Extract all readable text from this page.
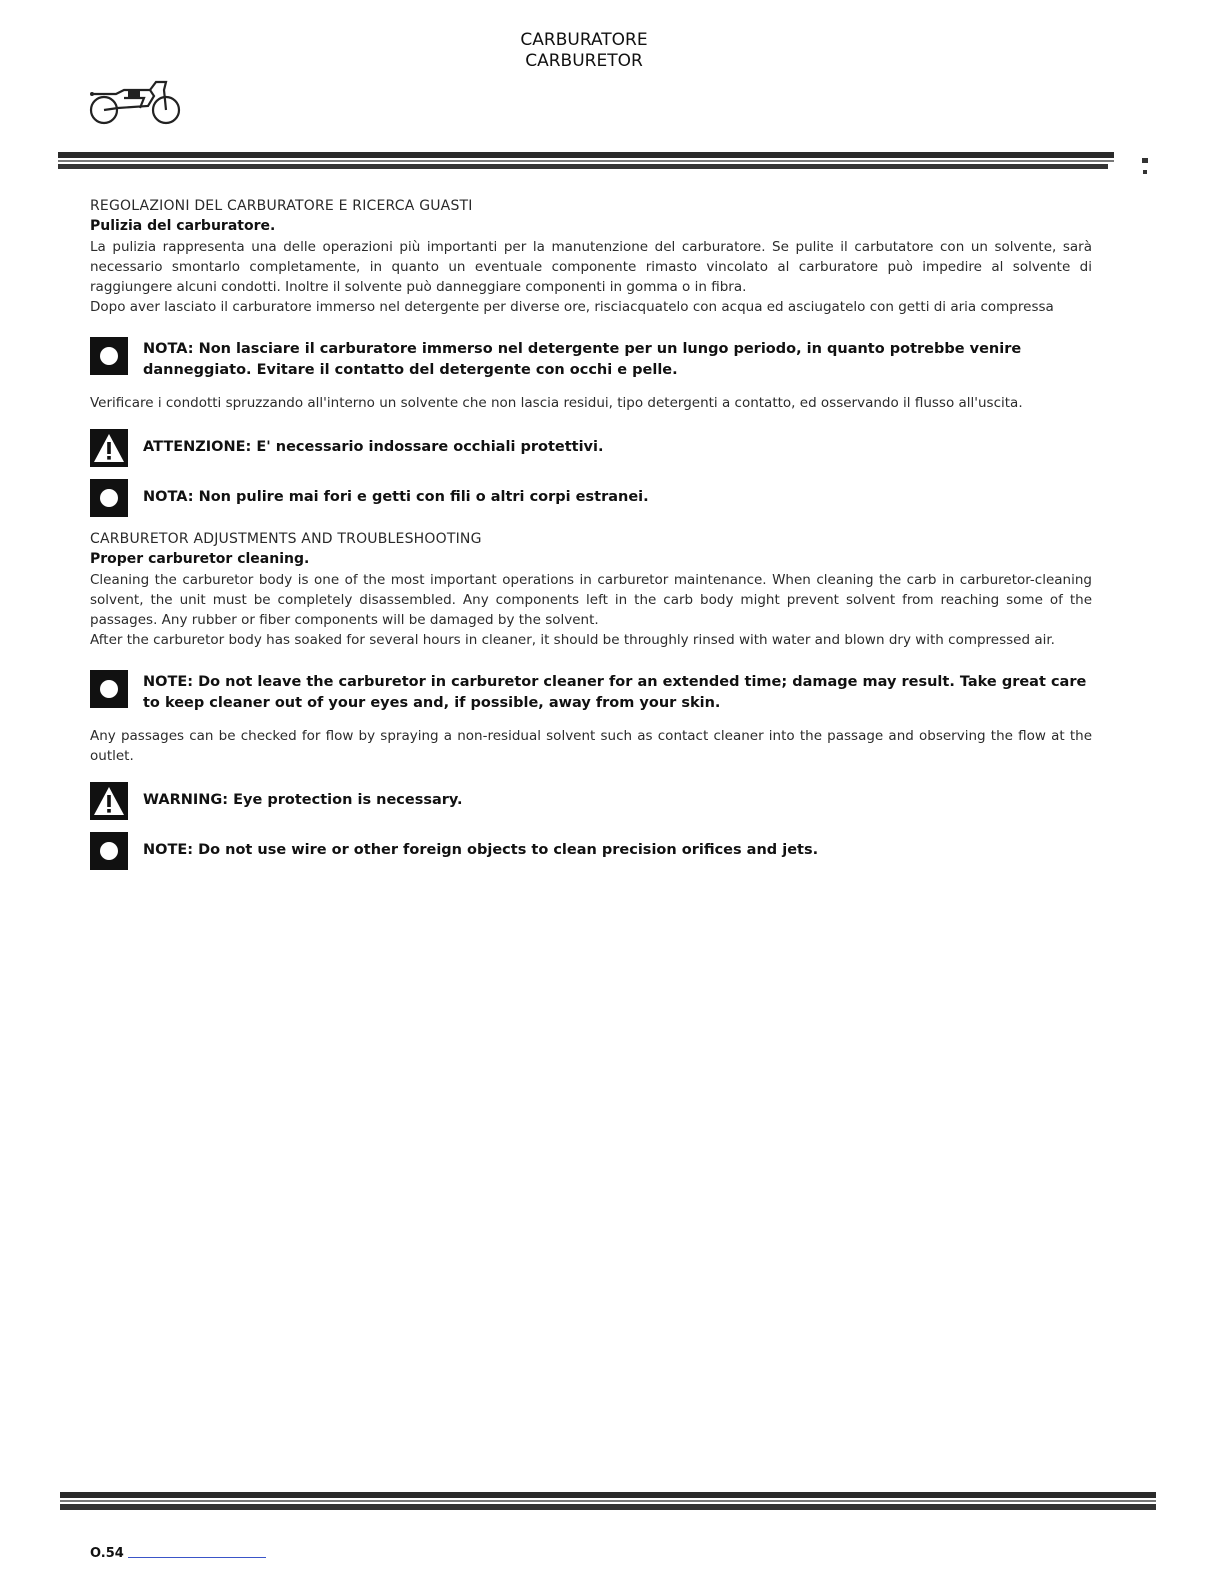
CARBURATORE
CARBURETOR
REGOLAZIONI DEL CARBURATORE E RICERCA GUASTI
Pulizia del carburatore.
La pulizia rappresenta una delle operazioni più importanti per la manutenzione del carburatore. Se pulite il carbutatore con un solvente, sarà necessario smontarlo completamente, in quanto un eventuale componente rimasto vincolato al carburatore può impedire al solvente di raggiungere alcuni condotti. Inoltre il solvente può danneggiare componenti in gomma o in fibra.
Dopo aver lasciato il carburatore immerso nel detergente per diverse ore, risciacquatelo con acqua ed asciugatelo con getti di aria compressa
NOTA: Non lasciare il carburatore immerso nel detergente per un lungo periodo, in quanto potrebbe venire danneggiato. Evitare il contatto del detergente con occhi e pelle.
Verificare i condotti spruzzando all'interno un solvente che non lascia residui, tipo detergenti a contatto, ed osservando il flusso all'uscita.
ATTENZIONE: E' necessario indossare occhiali protettivi.
NOTA: Non pulire mai fori e getti con fili o altri corpi estranei.
CARBURETOR ADJUSTMENTS AND TROUBLESHOOTING
Proper carburetor cleaning.
Cleaning the carburetor body is one of the most important operations in carburetor maintenance. When cleaning the carb in carburetor-cleaning solvent, the unit must be completely disassembled. Any components left in the carb body might prevent solvent from reaching some of the passages. Any rubber or fiber components will be damaged by the solvent.
After the carburetor body has soaked for several hours in cleaner, it should be throughly rinsed with water and blown dry with compressed air.
NOTE: Do not leave the carburetor in carburetor cleaner for an extended time; damage may result. Take great care to keep cleaner out of your eyes and, if possible, away from your skin.
Any passages can be checked for flow by spraying a non-residual solvent such as contact cleaner into the passage and observing the flow at the outlet.
WARNING: Eye protection is necessary.
NOTE: Do not use wire or other foreign objects to clean precision orifices and jets.
O.54
